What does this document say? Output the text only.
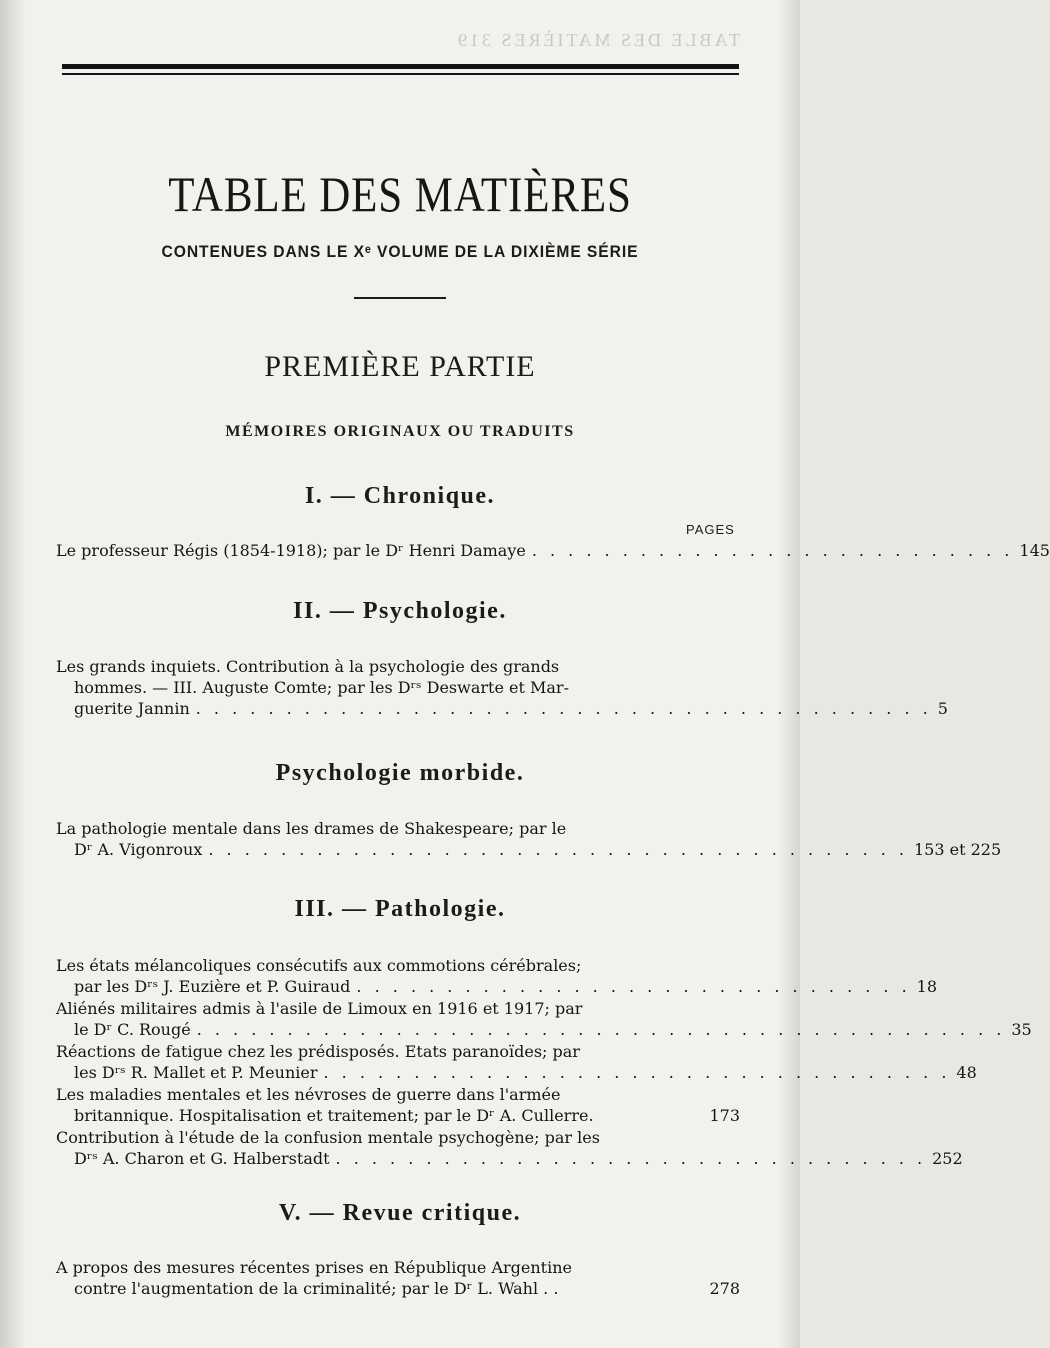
TABLE DES MATIÈRES 319
TABLE DES MATIÈRES
CONTENUES DANS LE Xᵉ VOLUME DE LA DIXIÈME SÉRIE
PREMIÈRE PARTIE
MÉMOIRES ORIGINAUX OU TRADUITS
I. — Chronique.
PAGES
Le professeur Régis (1854-1918); par le Dʳ Henri Damaye . . . . . . . . . . . . . . . . . . . . . . . . . . . 145
II. — Psychologie.
Les grands inquiets. Contribution à la psychologie des grands
hommes. — III. Auguste Comte; par les Dʳˢ Deswarte et Mar-
guerite Jannin . . . . . . . . . . . . . . . . . . . . . . . . . . . . . . . . . . . . . . . . . 5
Psychologie morbide.
La pathologie mentale dans les drames de Shakespeare; par le
Dʳ A. Vigonroux . . . . . . . . . . . . . . . . . . . . . . . . . . . . . . . . . . . . . . . 153 et 225
III. — Pathologie.
Les états mélancoliques consécutifs aux commotions cérébrales;
par les Dʳˢ J. Euzière et P. Guiraud . . . . . . . . . . . . . . . . . . . . . . . . . . . . . . . 18
Aliénés militaires admis à l'asile de Limoux en 1916 et 1917; par
le Dʳ C. Rougé . . . . . . . . . . . . . . . . . . . . . . . . . . . . . . . . . . . . . . . . . . . . . 35
Réactions de fatigue chez les prédisposés. Etats paranoïdes; par
les Dʳˢ R. Mallet et P. Meunier . . . . . . . . . . . . . . . . . . . . . . . . . . . . . . . . . . . 48
Les maladies mentales et les névroses de guerre dans l'armée
britannique. Hospitalisation et traitement; par le Dʳ A. Cullerre.	173
Contribution à l'étude de la confusion mentale psychogène; par les
Dʳˢ A. Charon et G. Halberstadt . . . . . . . . . . . . . . . . . . . . . . . . . . . . . . . . . 252
V. — Revue critique.
A propos des mesures récentes prises en République Argentine
contre l'augmentation de la criminalité; par le Dʳ L. Wahl . .	278
